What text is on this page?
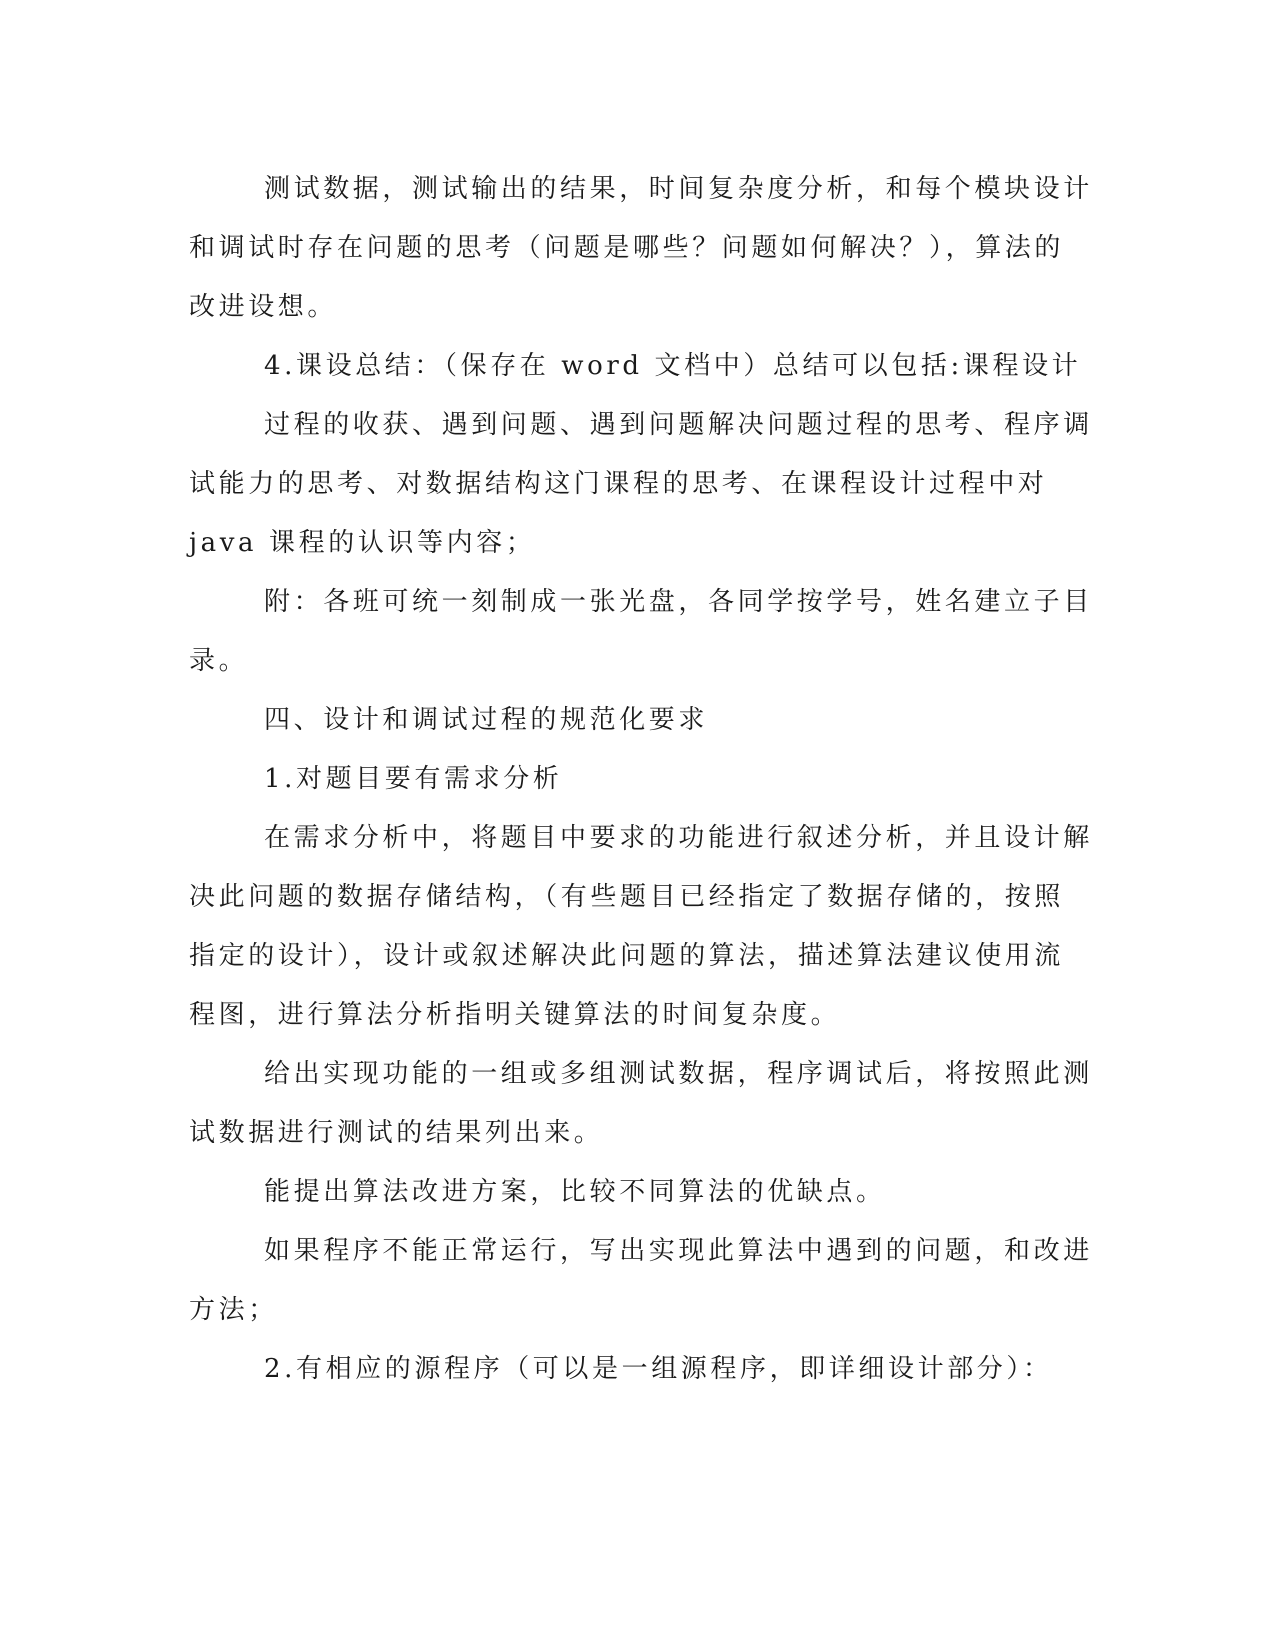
测试数据，测试输出的结果，时间复杂度分析，和每个模块设计
和调试时存在问题的思考（问题是哪些？问题如何解决？），算法的
改进设想。
4.课设总结：（保存在 word 文档中）总结可以包括:课程设计
过程的收获、遇到问题、遇到问题解决问题过程的思考、程序调
试能力的思考、对数据结构这门课程的思考、在课程设计过程中对
java 课程的认识等内容；
附：各班可统一刻制成一张光盘，各同学按学号，姓名建立子目
录。
四、设计和调试过程的规范化要求
1.对题目要有需求分析
在需求分析中，将题目中要求的功能进行叙述分析，并且设计解
决此问题的数据存储结构，（有些题目已经指定了数据存储的，按照
指定的设计），设计或叙述解决此问题的算法，描述算法建议使用流
程图，进行算法分析指明关键算法的时间复杂度。
给出实现功能的一组或多组测试数据，程序调试后，将按照此测
试数据进行测试的结果列出来。
能提出算法改进方案，比较不同算法的优缺点。
如果程序不能正常运行，写出实现此算法中遇到的问题，和改进
方法；
2.有相应的源程序（可以是一组源程序，即详细设计部分）：
